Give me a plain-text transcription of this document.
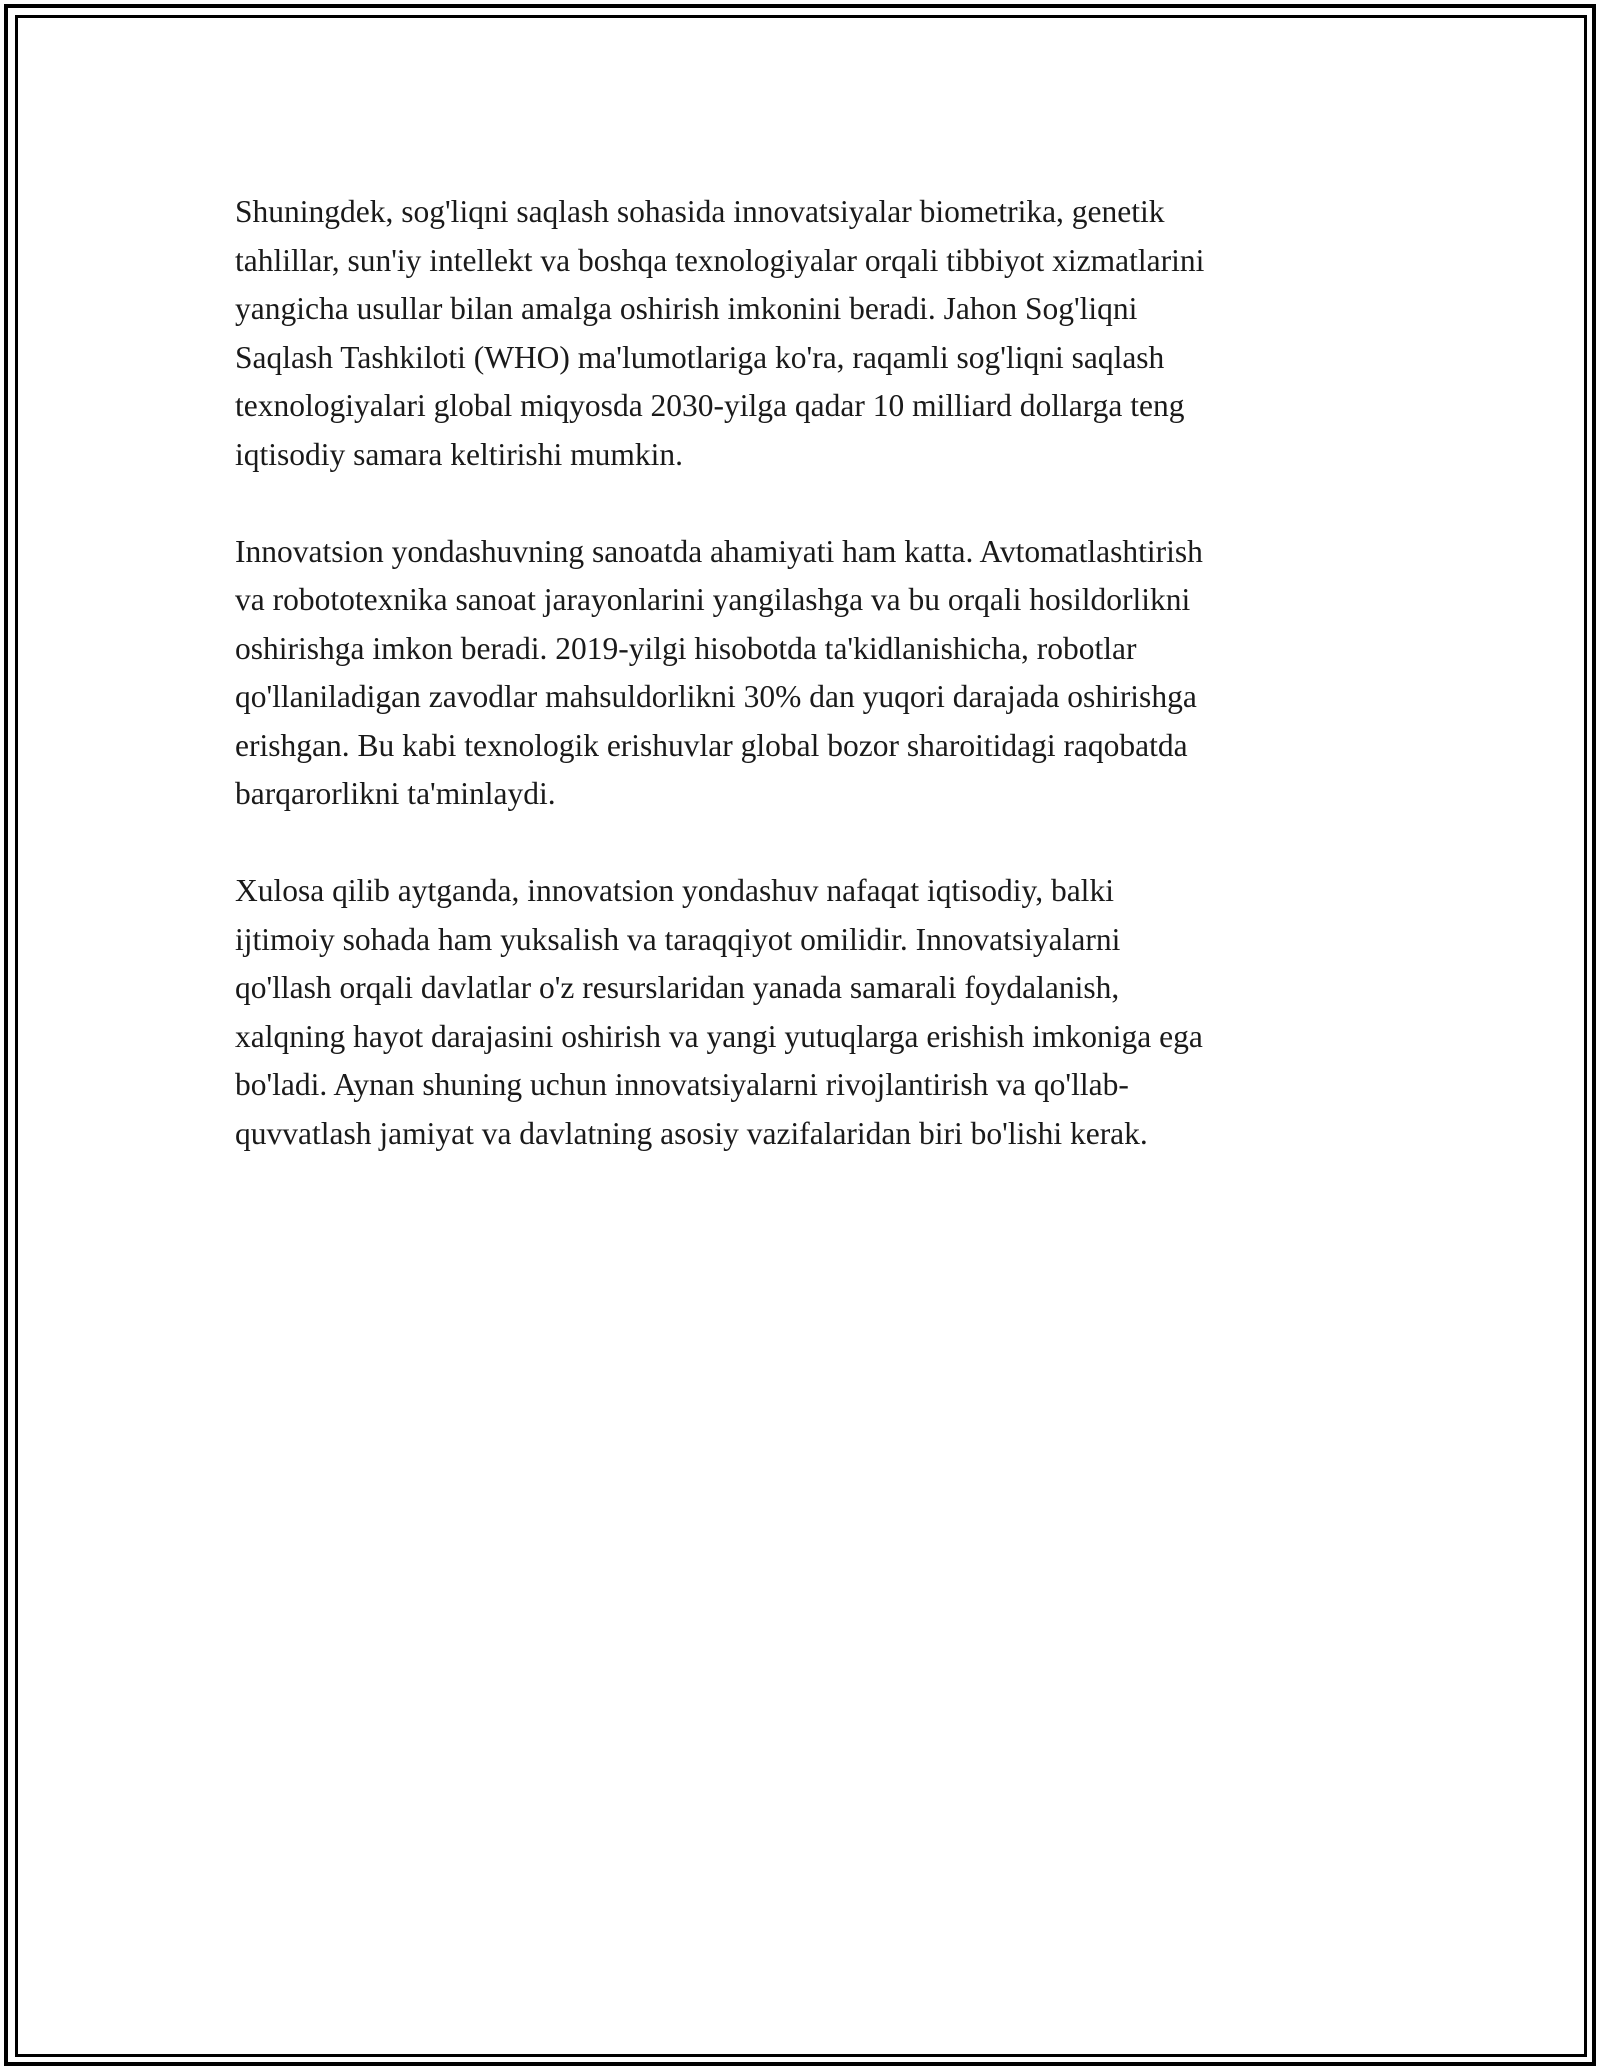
Shuningdek, sog'liqni saqlash sohasida innovatsiyalar biometrika, genetik
tahlillar, sun'iy intellekt va boshqa texnologiyalar orqali tibbiyot xizmatlarini
yangicha usullar bilan amalga oshirish imkonini beradi. Jahon Sog'liqni
Saqlash Tashkiloti (WHO) ma'lumotlariga ko'ra, raqamli sog'liqni saqlash
texnologiyalari global miqyosda 2030-yilga qadar 10 milliard dollarga teng
iqtisodiy samara keltirishi mumkin.

Innovatsion yondashuvning sanoatda ahamiyati ham katta. Avtomatlashtirish
va robototexnika sanoat jarayonlarini yangilashga va bu orqali hosildorlikni
oshirishga imkon beradi. 2019-yilgi hisobotda ta'kidlanishicha, robotlar
qo'llaniladigan zavodlar mahsuldorlikni 30% dan yuqori darajada oshirishga
erishgan. Bu kabi texnologik erishuvlar global bozor sharoitidagi raqobatda
barqarorlikni ta'minlaydi.

Xulosa qilib aytganda, innovatsion yondashuv nafaqat iqtisodiy, balki
ijtimoiy sohada ham yuksalish va taraqqiyot omilidir. Innovatsiyalarni
qo'llash orqali davlatlar o'z resurslaridan yanada samarali foydalanish,
xalqning hayot darajasini oshirish va yangi yutuqlarga erishish imkoniga ega
bo'ladi. Aynan shuning uchun innovatsiyalarni rivojlantirish va qo'llab-
quvvatlash jamiyat va davlatning asosiy vazifalaridan biri bo'lishi kerak.
